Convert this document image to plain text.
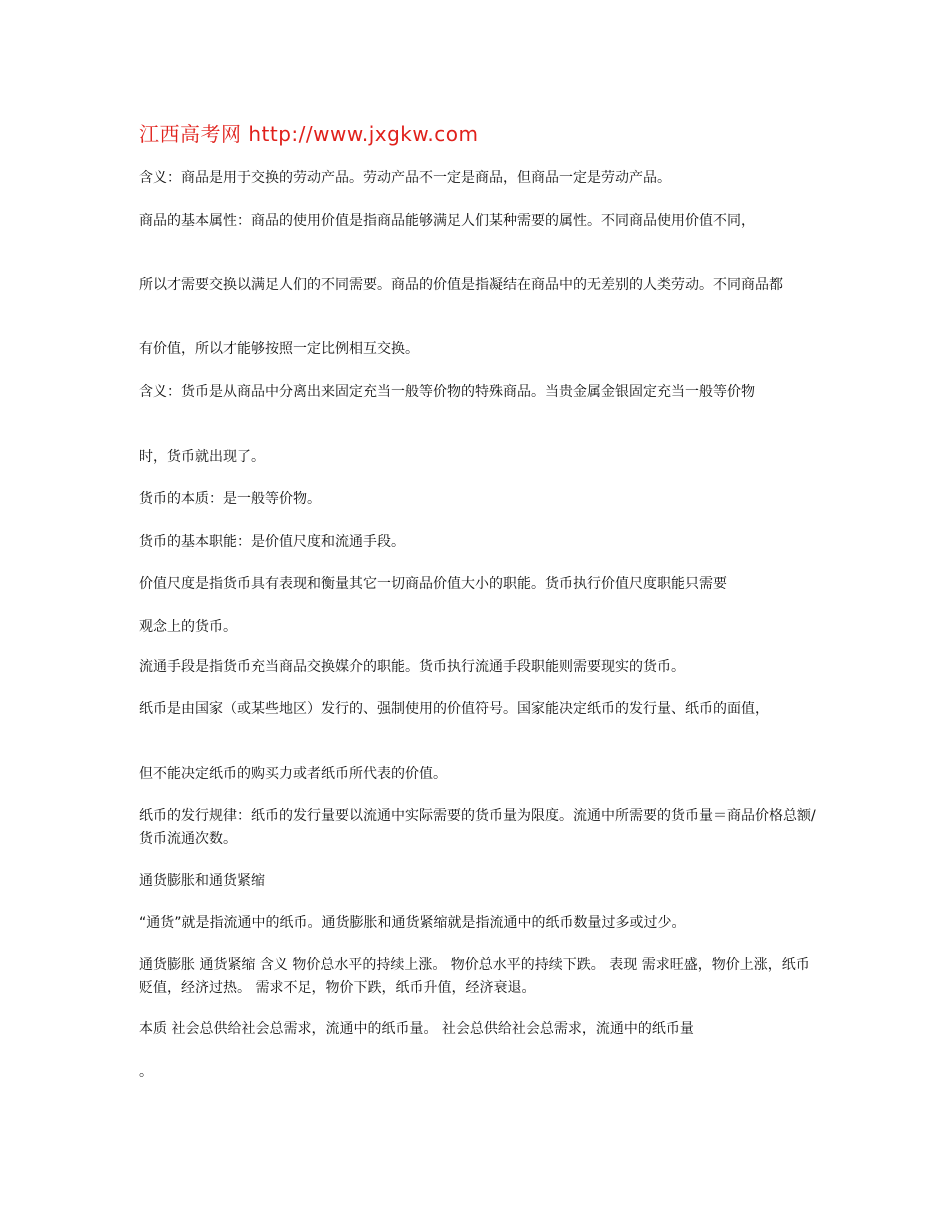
江西高考网 http://www.jxgkw.com

含义：商品是用于交换的劳动产品。劳动产品不一定是商品，但商品一定是劳动产品。

商品的基本属性：商品的使用价值是指商品能够满足人们某种需要的属性。不同商品使用价值不同，

所以才需要交换以满足人们的不同需要。商品的价值是指凝结在商品中的无差别的人类劳动。不同商品都

有价值，所以才能够按照一定比例相互交换。

含义：货币是从商品中分离出来固定充当一般等价物的特殊商品。当贵金属金银固定充当一般等价物

时，货币就出现了。

货币的本质：是一般等价物。

货币的基本职能：是价值尺度和流通手段。

价值尺度是指货币具有表现和衡量其它一切商品价值大小的职能。货币执行价值尺度职能只需要

观念上的货币。

流通手段是指货币充当商品交换媒介的职能。货币执行流通手段职能则需要现实的货币。

纸币是由国家（或某些地区）发行的、强制使用的价值符号。国家能决定纸币的发行量、纸币的面值，

但不能决定纸币的购买力或者纸币所代表的价值。

纸币的发行规律：纸币的发行量要以流通中实际需要的货币量为限度。流通中所需要的货币量＝商品价格总额/货币流通次数。

通货膨胀和通货紧缩

“通货”就是指流通中的纸币。通货膨胀和通货紧缩就是指流通中的纸币数量过多或过少。

通货膨胀 通货紧缩 含义 物价总水平的持续上涨。 物价总水平的持续下跌。 表现 需求旺盛，物价上涨，纸币贬值，经济过热。 需求不足，物价下跌，纸币升值，经济衰退。

本质 社会总供给社会总需求，流通中的纸币量。 社会总供给社会总需求，流通中的纸币量

。
